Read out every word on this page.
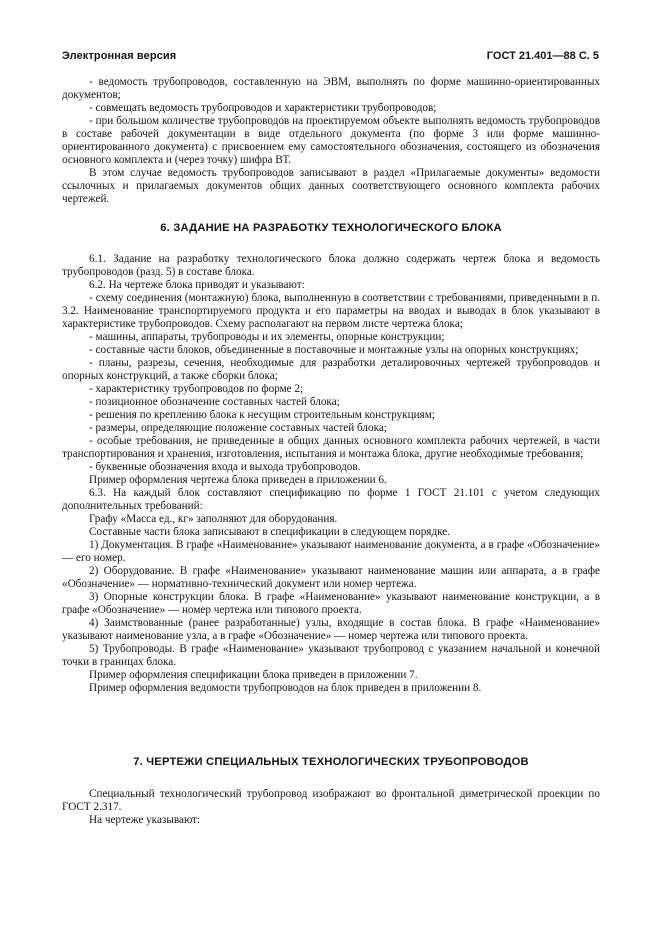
Электронная версия	ГОСТ 21.401—88 С. 5

- ведомость трубопроводов, составленную на ЭВМ, выполнять по форме машинно-ориентированных документов;

- совмещать ведомость трубопроводов и характеристики трубопроводов;

- при большом количестве трубопроводов на проектируемом объекте выполнять ведомость трубопроводов в составе рабочей документации в виде отдельного документа (по форме 3 или форме машинно-ориентированного документа) с присвоением ему самостоятельного обозначения, состоящего из обозначения основного комплекта и (через точку) шифра ВТ.

В этом случае ведомость трубопроводов записывают в раздел «Прилагаемые документы» ведомости ссылочных и прилагаемых документов общих данных соответствующего основного комплекта рабочих чертежей.

6. ЗАДАНИЕ НА РАЗРАБОТКУ ТЕХНОЛОГИЧЕСКОГО БЛОКА

6.1. Задание на разработку технологического блока должно содержать чертеж блока и ведомость трубопроводов (разд. 5) в составе блока.

6.2. На чертеже блока приводят и указывают:

- схему соединения (монтажную) блока, выполненную в соответствии с требованиями, приведенными в п. 3.2. Наименование транспортируемого продукта и его параметры на вводах и выводах в блок указывают в характеристике трубопроводов. Схему располагают на первом листе чертежа блока;

- машины, аппараты, трубопроводы и их элементы, опорные конструкции;

- составные части блоков, объединенные в поставочные и монтажные узлы на опорных конструкциях;

- планы, разрезы, сечения, необходимые для разработки деталировочных чертежей трубопроводов и опорных конструкций, а также сборки блока;

- характеристику трубопроводов по форме 2;

- позиционное обозначение составных частей блока;

- решения по креплению блока к несущим строительным конструкциям;

- размеры, определяющие положение составных частей блока;

- особые требования, не приведенные в общих данных основного комплекта рабочих чертежей, в части транспортирования и хранения, изготовления, испытания и монтажа блока, другие необходимые требования;

- буквенные обозначения входа и выхода трубопроводов.

Пример оформления чертежа блока приведен в приложении 6.

6.3. На каждый блок составляют спецификацию по форме 1 ГОСТ 21.101 с учетом следующих дополнительных требований:

Графу «Масса ед., кг» заполняют для оборудования.

Составные части блока записывают в спецификации в следующем порядке.

1) Документация. В графе «Наименование» указывают наименование документа, а в графе «Обозначение» — его номер.

2) Оборудование. В графе «Наименование» указывают наименование машин или аппарата, а в графе «Обозначение» — нормативно-технический документ или номер чертежа.

3) Опорные конструкции блока. В графе «Наименование» указывают наименование конструкции, а в графе «Обозначение» — номер чертежа или типового проекта.

4) Заимствованные (ранее разработанные) узлы, входящие в состав блока. В графе «Наименование» указывают наименование узла, а в графе «Обозначение» — номер чертежа или типового проекта.

5) Трубопроводы. В графе «Наименование» указывают трубопровод с указанием начальной и конечной точки в границах блока.

Пример оформления спецификации блока приведен в приложении 7.

Пример оформления ведомости трубопроводов на блок приведен в приложении 8.

7. ЧЕРТЕЖИ СПЕЦИАЛЬНЫХ ТЕХНОЛОГИЧЕСКИХ ТРУБОПРОВОДОВ

Специальный технологический трубопровод изображают во фронтальной диметрической проекции по ГОСТ 2.317.

На чертеже указывают:
